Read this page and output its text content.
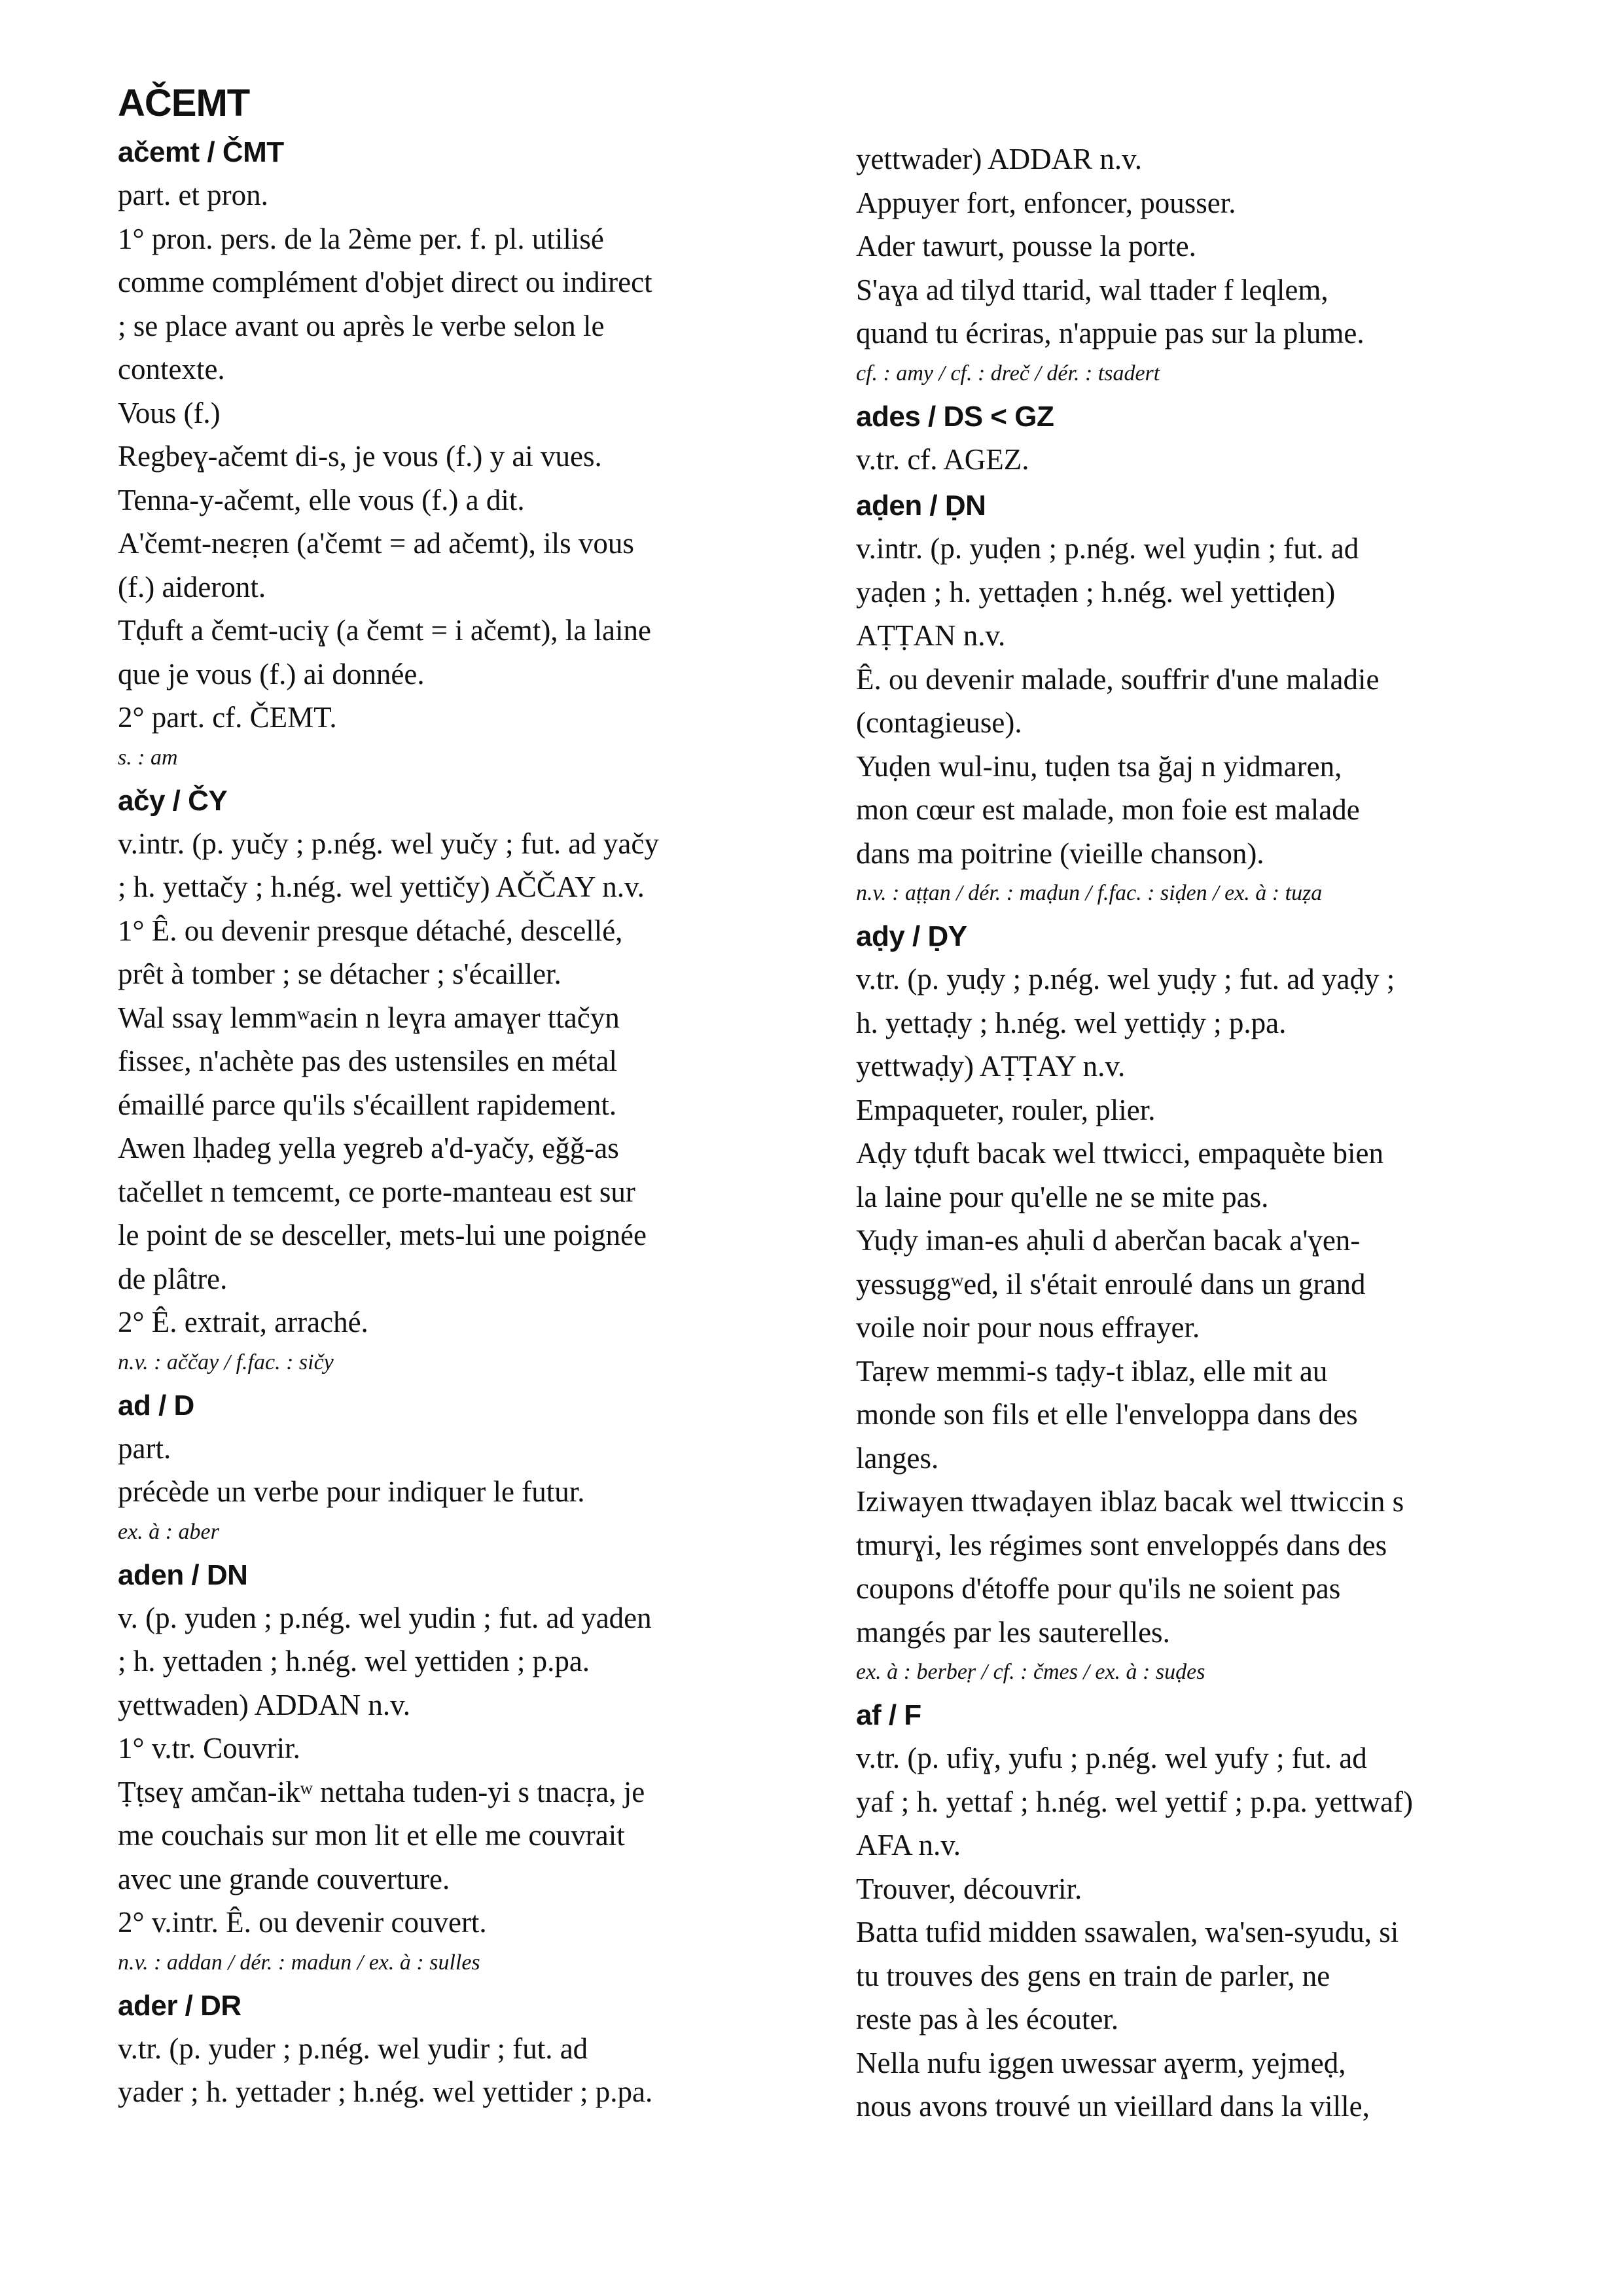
AČEMT
ačemt / ČMT
part. et pron.
1° pron. pers. de la 2ème per. f. pl. utilisé
comme complément d'objet direct ou indirect
; se place avant ou après le verbe selon le
contexte.
Vous (f.)
Regbeɣ-ačemt di-s, je vous (f.) y ai vues.
Tenna-y-ačemt, elle vous (f.) a dit.
A'čemt-neɛṛen (a'čemt = ad ačemt), ils vous
(f.) aideront.
Tḍuft a čemt-uciɣ (a čemt = i ačemt), la laine
que je vous (f.) ai donnée.
2° part. cf. ČEMT.
s. : am
ačy / ČY
v.intr. (p. yučy ; p.nég. wel yučy ; fut. ad yačy
; h. yettačy ; h.nég. wel yettičy) AČČAY n.v.
1° Ê. ou devenir presque détaché, descellé,
prêt à tomber ; se détacher ; s'écailler.
Wal ssaɣ lemmʷaɛin n leɣra amaɣer ttačyn
fisseɛ, n'achète pas des ustensiles en métal
émaillé parce qu'ils s'écaillent rapidement.
Awen lḥadeg yella yegreb a'd-yačy, eǧǧ-as
tačellet n temcemt, ce porte-manteau est sur
le point de se desceller, mets-lui une poignée
de plâtre.
2° Ê. extrait, arraché.
n.v. : aččay / f.fac. : sičy
ad / D
part.
précède un verbe pour indiquer le futur.
ex. à : aber
aden / DN
v. (p. yuden ; p.nég. wel yudin ; fut. ad yaden
; h. yettaden ; h.nég. wel yettiden ; p.pa.
yettwaden) ADDAN n.v.
1° v.tr. Couvrir.
Ṭṭseɣ amčan-ikʷ nettaha tuden-yi s tnacṛa, je
me couchais sur mon lit et elle me couvrait
avec une grande couverture.
2° v.intr. Ê. ou devenir couvert.
n.v. : addan / dér. : madun / ex. à : sulles
ader / DR
v.tr. (p. yuder ; p.nég. wel yudir ; fut. ad
yader ; h. yettader ; h.nég. wel yettider ; p.pa.
yettwader) ADDAR n.v.
Appuyer fort, enfoncer, pousser.
Ader tawurt, pousse la porte.
S'aɣa ad tilyd ttarid, wal ttader f leqlem,
quand tu écriras, n'appuie pas sur la plume.
cf. : amy / cf. : dreč / dér. : tsadert
ades / DS < GZ
v.tr. cf. AGEZ.
aḍen / ḌN
v.intr. (p. yuḍen ; p.nég. wel yuḍin ; fut. ad
yaḍen ; h. yettaḍen ; h.nég. wel yettiḍen)
AṬṬAN n.v.
Ê. ou devenir malade, souffrir d'une maladie
(contagieuse).
Yuḍen wul-inu, tuḍen tsa ğaj n yidmaren,
mon cœur est malade, mon foie est malade
dans ma poitrine (vieille chanson).
n.v. : aṭṭan / dér. : maḍun / f.fac. : siḍen / ex. à : tuẓa
aḍy / ḌY
v.tr. (p. yuḍy ; p.nég. wel yuḍy ; fut. ad yaḍy ;
h. yettaḍy ; h.nég. wel yettiḍy ; p.pa.
yettwaḍy) AṬṬAY n.v.
Empaqueter, rouler, plier.
Aḍy tḍuft bacak wel ttwicci, empaquète bien
la laine pour qu'elle ne se mite pas.
Yuḍy iman-es aḥuli d aberčan bacak a'ɣen-
yessuggʷed, il s'était enroulé dans un grand
voile noir pour nous effrayer.
Taṛew memmi-s taḍy-t iblaz, elle mit au
monde son fils et elle l'enveloppa dans des
langes.
Iziwayen ttwaḍayen iblaz bacak wel ttwiccin s
tmurɣi, les régimes sont enveloppés dans des
coupons d'étoffe pour qu'ils ne soient pas
mangés par les sauterelles.
ex. à : berbeṛ / cf. : čmes / ex. à : suḍes
af / F
v.tr. (p. ufiɣ, yufu ; p.nég. wel yufy ; fut. ad
yaf ; h. yettaf ; h.nég. wel yettif ; p.pa. yettwaf)
AFA n.v.
Trouver, découvrir.
Batta tufid midden ssawalen, wa'sen-syudu, si
tu trouves des gens en train de parler, ne
reste pas à les écouter.
Nella nufu iggen uwessar aɣerm, yejmeḍ,
nous avons trouvé un vieillard dans la ville,
